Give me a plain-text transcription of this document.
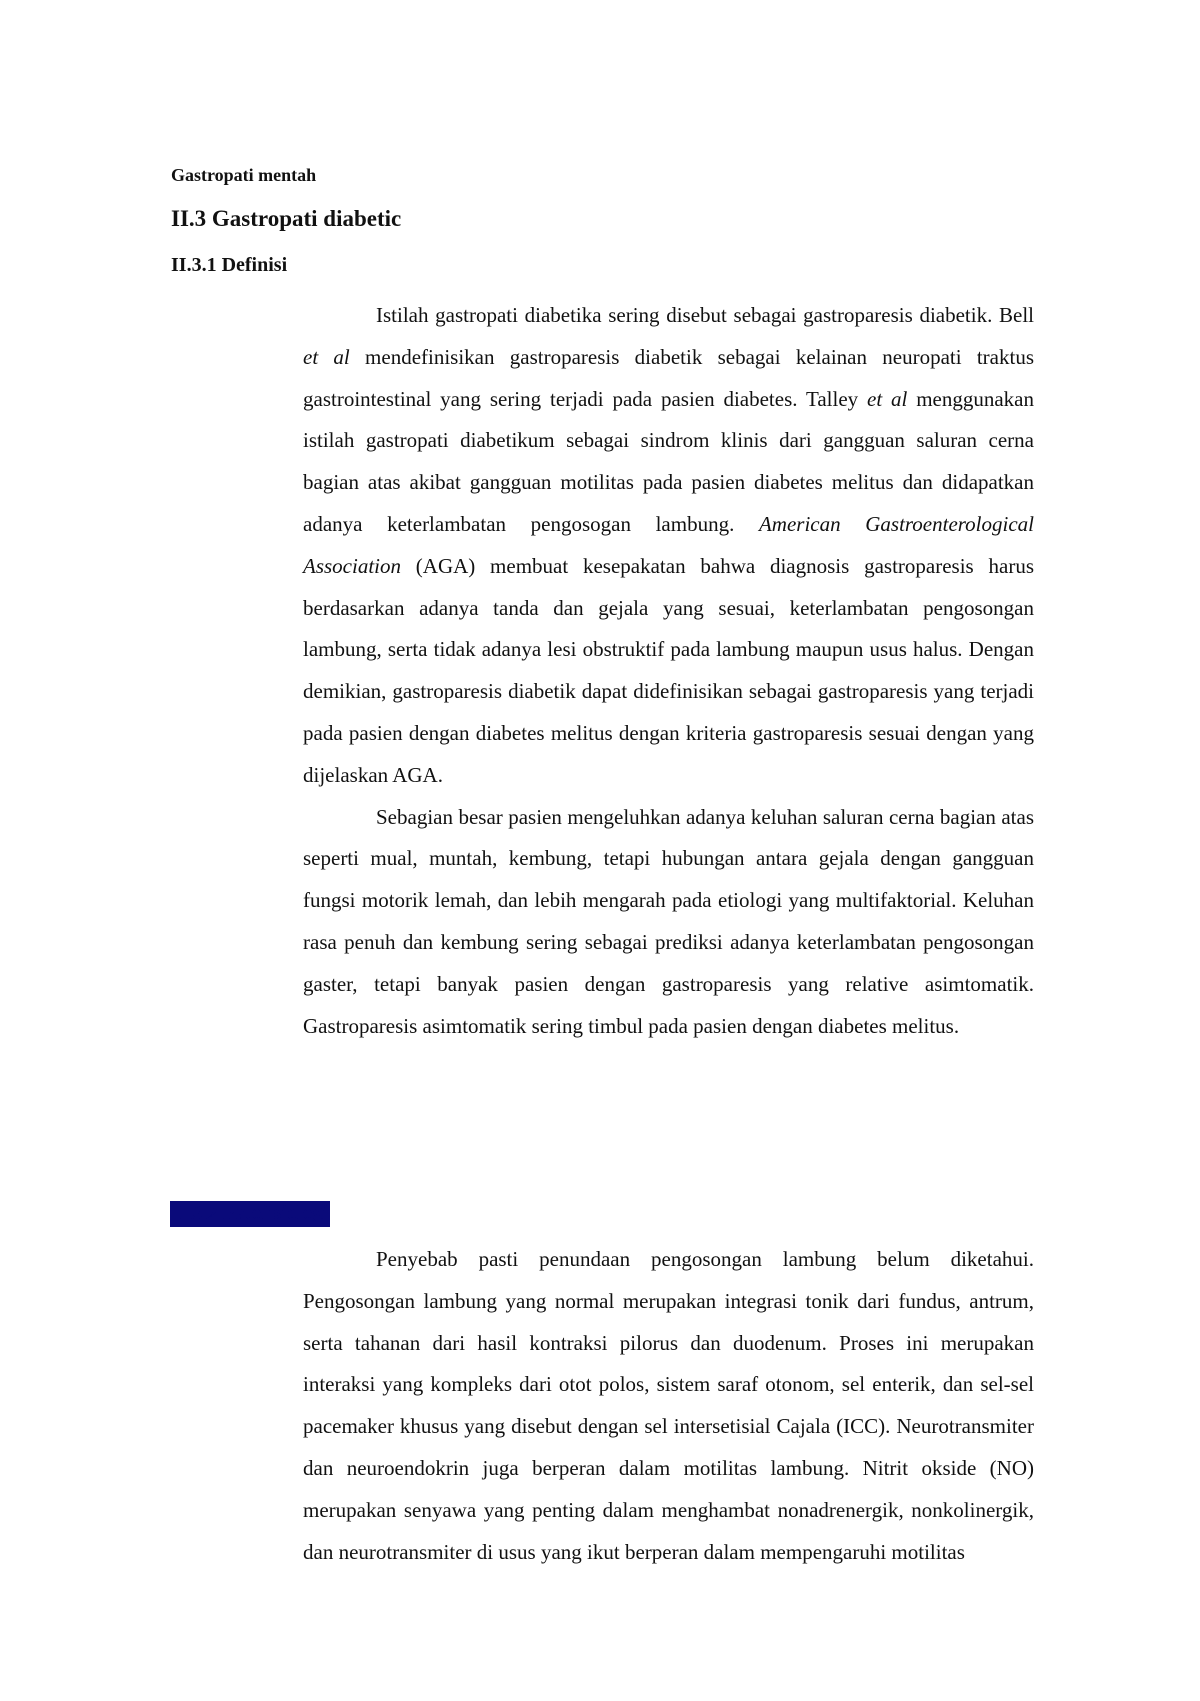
Gastropati mentah
II.3 Gastropati diabetic
II.3.1 Definisi

Istilah gastropati diabetika sering disebut sebagai gastroparesis diabetik. Bell et al mendefinisikan gastroparesis diabetik sebagai kelainan neuropati traktus gastrointestinal yang sering terjadi pada pasien diabetes. Talley et al menggunakan istilah gastropati diabetikum sebagai sindrom klinis dari gangguan saluran cerna bagian atas akibat gangguan motilitas pada pasien diabetes melitus dan didapatkan adanya keterlambatan pengosogan lambung. American Gastroenterological Association (AGA) membuat kesepakatan bahwa diagnosis gastroparesis harus berdasarkan adanya tanda dan gejala yang sesuai, keterlambatan pengosongan lambung, serta tidak adanya lesi obstruktif pada lambung maupun usus halus. Dengan demikian, gastroparesis diabetik dapat didefinisikan sebagai gastroparesis yang terjadi pada pasien dengan diabetes melitus dengan kriteria gastroparesis sesuai dengan yang dijelaskan AGA.

Sebagian besar pasien mengeluhkan adanya keluhan saluran cerna bagian atas seperti mual, muntah, kembung, tetapi hubungan antara gejala dengan gangguan fungsi motorik lemah, dan lebih mengarah pada etiologi yang multifaktorial. Keluhan rasa penuh dan kembung sering sebagai prediksi adanya keterlambatan pengosongan gaster, tetapi banyak pasien dengan gastroparesis yang relative asimtomatik. Gastroparesis asimtomatik sering timbul pada pasien dengan diabetes melitus.

II.3.2 Patofisiologi

Penyebab pasti penundaan pengosongan lambung belum diketahui. Pengosongan lambung yang normal merupakan integrasi tonik dari fundus, antrum, serta tahanan dari hasil kontraksi pilorus dan duodenum. Proses ini merupakan interaksi yang kompleks dari otot polos, sistem saraf otonom, sel enterik, dan sel-sel pacemaker khusus yang disebut dengan sel intersetisial Cajala (ICC). Neurotransmiter dan neuroendokrin juga berperan dalam motilitas lambung. Nitrit okside (NO) merupakan senyawa yang penting dalam menghambat nonadrenergik, nonkolinergik, dan neurotransmiter di usus yang ikut berperan dalam mempengaruhi motilitas
